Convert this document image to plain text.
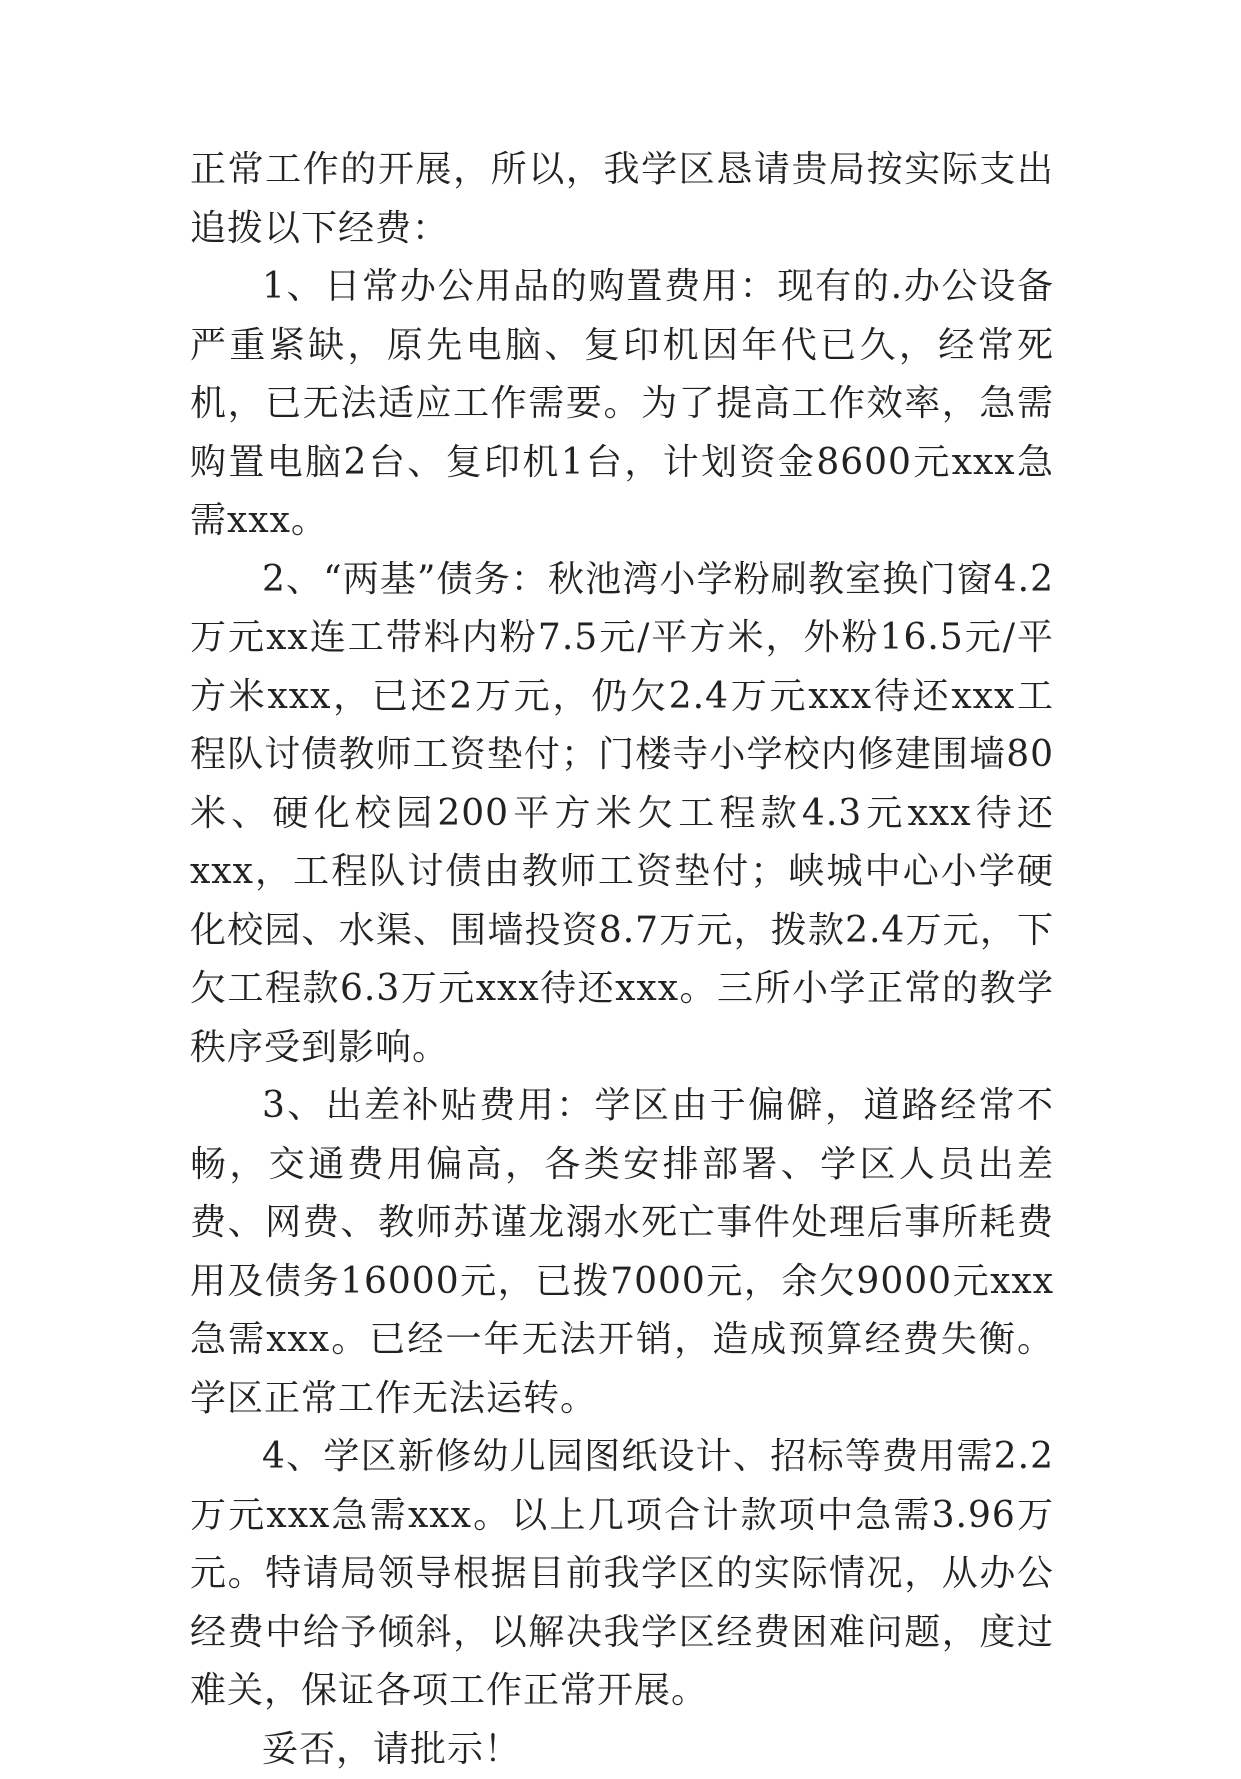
正常工作的开展，所以，我学区恳请贵局按实际支出追拨以下经费：

1、日常办公用品的购置费用：现有的.办公设备严重紧缺，原先电脑、复印机因年代已久，经常死机，已无法适应工作需要。为了提高工作效率，急需购置电脑2台、复印机1台，计划资金8600元xxx急需xxx。

2、“两基”债务：秋池湾小学粉刷教室换门窗4.2万元xx连工带料内粉7.5元/平方米，外粉16.5元/平方米xxx，已还2万元，仍欠2.4万元xxx待还xxx工程队讨债教师工资垫付；门楼寺小学校内修建围墙80米、硬化校园200平方米欠工程款4.3元xxx待还xxx，工程队讨债由教师工资垫付；峡城中心小学硬化校园、水渠、围墙投资8.7万元，拨款2.4万元，下欠工程款6.3万元xxx待还xxx。三所小学正常的教学秩序受到影响。

3、出差补贴费用：学区由于偏僻，道路经常不畅，交通费用偏高，各类安排部署、学区人员出差费、网费、教师苏谨龙溺水死亡事件处理后事所耗费用及债务16000元，已拨7000元，余欠9000元xxx急需xxx。已经一年无法开销，造成预算经费失衡。学区正常工作无法运转。

4、学区新修幼儿园图纸设计、招标等费用需2.2万元xxx急需xxx。以上几项合计款项中急需3.96万元。特请局领导根据目前我学区的实际情况，从办公经费中给予倾斜，以解决我学区经费困难问题，度过难关，保证各项工作正常开展。

妥否，请批示！
